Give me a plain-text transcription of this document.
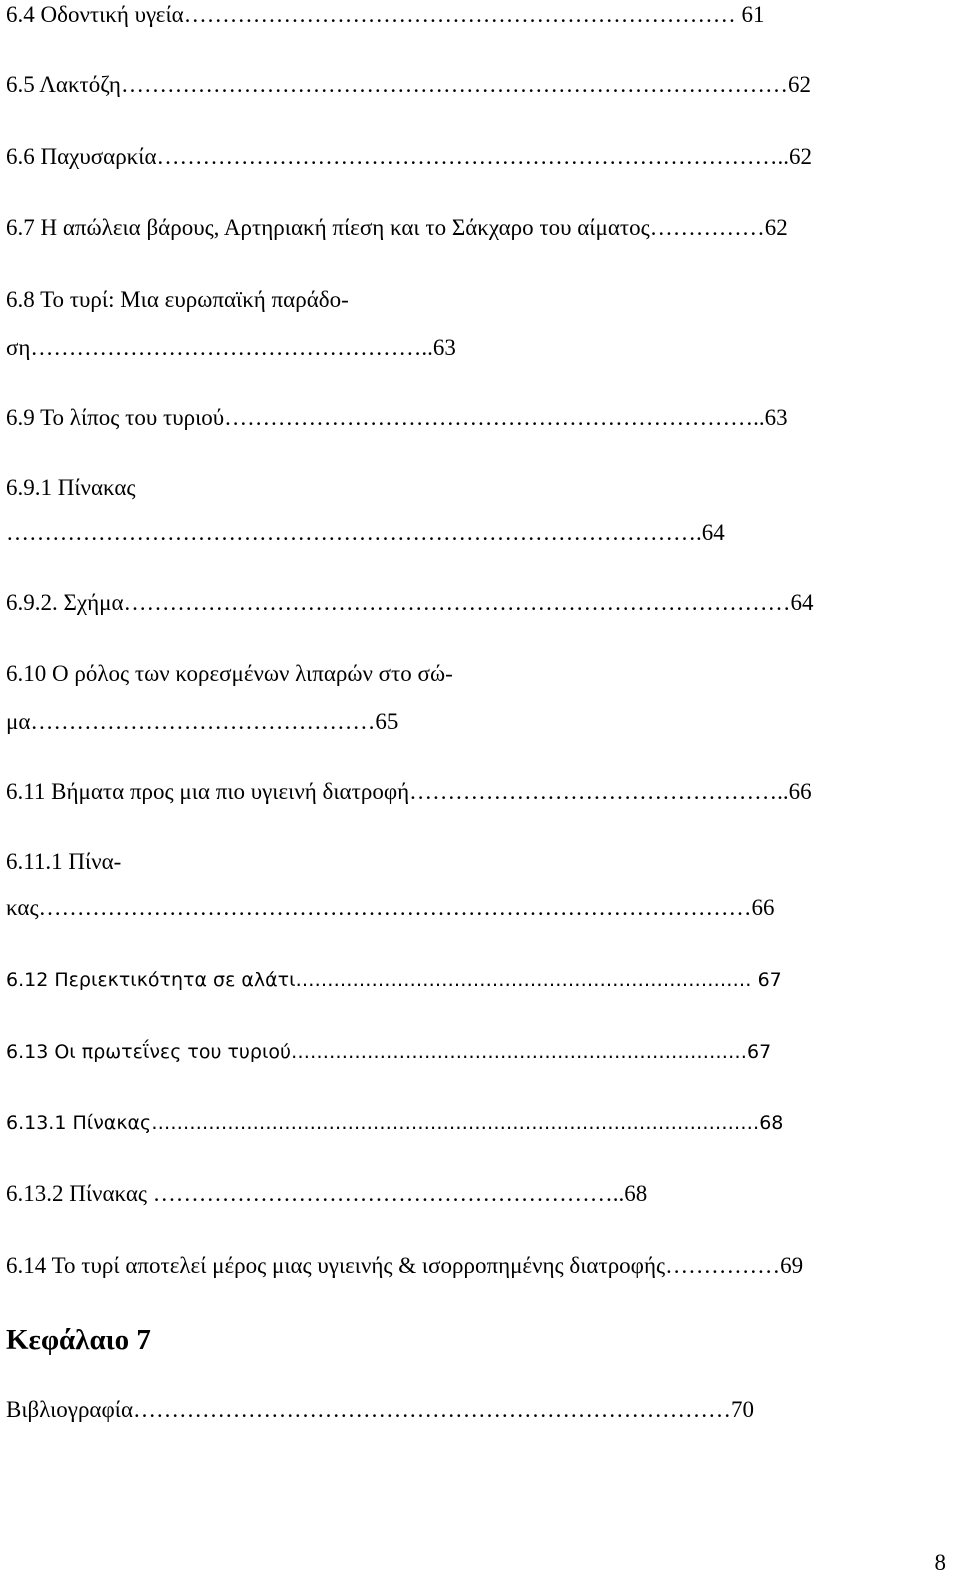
6.4 Οδοντική υγεία……………………………………………………………… 61
6.5 Λακτόζη……………………………………………………………………………62
6.6 Παχυσαρκία………………………………………………………………………..62
6.7 Η απώλεια βάρους, Αρτηριακή πίεση και το Σάκχαρο του αίματος……………62
6.8 Το τυρί: Μια ευρωπαϊκή παράδο-
ση……………………………………………..63
6.9 Το λίπος του τυριού……………………………………………………………..63
6.9.1 Πίνακας
……………………………………………………………………………….64
6.9.2. Σχήμα……………………………………………………………………………64
6.10 Ο ρόλος των κορεσμένων λιπαρών στο σώ-
μα………………………………………65
6.11 Βήματα προς μια πιο υγιεινή διατροφή…………………………………………..66
6.11.1 Πίνα-
κας…………………………………………………………………………………66
6.12 Περιεκτικότητα σε αλάτι……………………………………………………………… 67
6.13 Οι πρωτεΐνες του τυριού………………………………………………………………67
6.13.1 Πίνακας……………………………………………………………………………………68
6.13.2 Πίνακας ……………………………………………………..68
6.14 Το τυρί αποτελεί μέρος μιας υγιεινής & ισορροπημένης διατροφής……………69
Κεφάλαιο 7
Βιβλιογραφία……………………………………………………………………70
8
